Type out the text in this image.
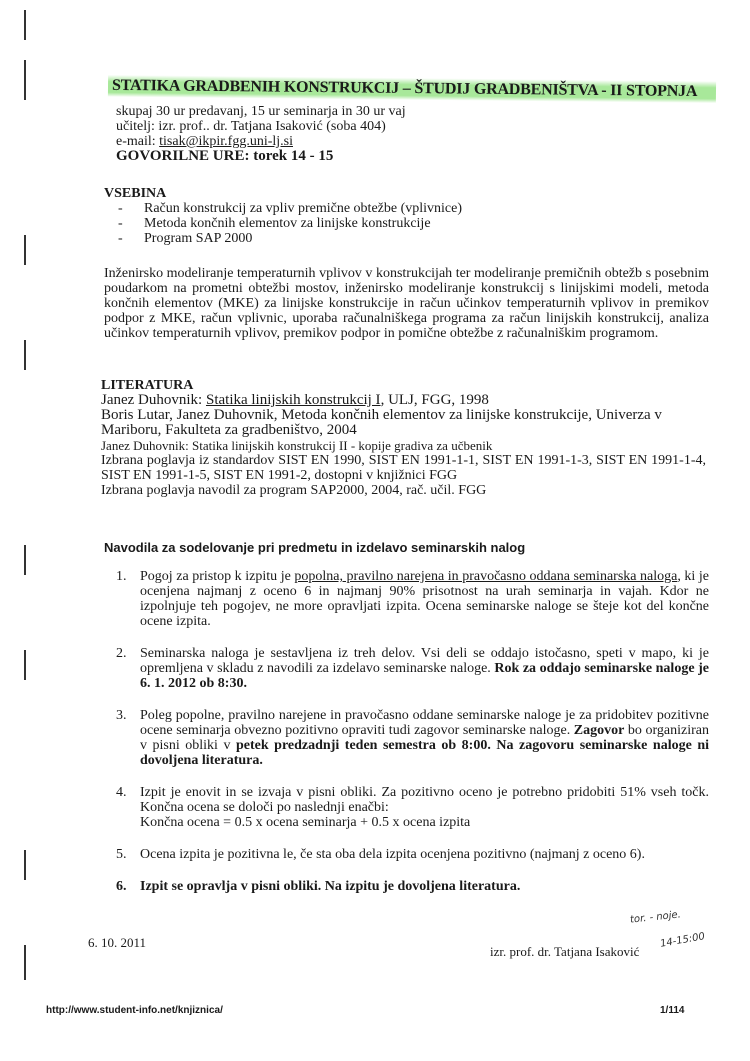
STATIKA GRADBENIH KONSTRUKCIJ – ŠTUDIJ GRADBENIŠTVA - II STOPNJA
skupaj 30 ur predavanj, 15 ur seminarja in 30 ur vaj
učitelj: izr. prof.. dr. Tatjana Isaković (soba 404)
e-mail: tisak@ikpir.fgg.uni-lj.si
GOVORILNE URE: torek 14 - 15

VSEBINA

- Račun konstrukcij za vpliv premične obtežbe (vplivnice)
- Metoda končnih elementov za linijske konstrukcije
- Program SAP 2000

Inženirsko modeliranje temperaturnih vplivov v konstrukcijah ter modeliranje premičnih obtežb s posebnim poudarkom na prometni obtežbi mostov, inženirsko modeliranje konstrukcij s linijskimi modeli, metoda končnih elementov (MKE) za linijske konstrukcije in račun učinkov temperaturnih vplivov in premikov podpor z MKE, račun vplivnic, uporaba računalniškega programa za račun linijskih konstrukcij, analiza učinkov temperaturnih vplivov, premikov podpor in pomične obtežbe z računalniškim programom.

LITERATURA

Janez Duhovnik: Statika linijskih konstrukcij I, ULJ, FGG, 1998
Boris Lutar, Janez Duhovnik, Metoda končnih elementov za linijske konstrukcije, Univerza v Mariboru, Fakulteta za gradbeništvo, 2004
Janez Duhovnik: Statika linijskih konstrukcij II - kopije gradiva za učbenik
Izbrana poglavja iz standardov SIST EN 1990, SIST EN 1991-1-1, SIST EN 1991-1-3, SIST EN 1991-1-4, SIST EN 1991-1-5, SIST EN 1991-2, dostopni v knjižnici FGG
Izbrana poglavja navodil za program SAP2000, 2004, rač. učil. FGG

Navodila za sodelovanje pri predmetu in izdelavo seminarskih nalog

1. Pogoj za pristop k izpitu je popolna, pravilno narejena in pravočasno oddana seminarska naloga, ki je ocenjena najmanj z oceno 6 in najmanj 90% prisotnost na urah seminarja in vajah. Kdor ne izpolnjuje teh pogojev, ne more opravljati izpita. Ocena seminarske naloge se šteje kot del končne ocene izpita.
2. Seminarska naloga je sestavljena iz treh delov. Vsi deli se oddajo istočasno, speti v mapo, ki je opremljena v skladu z navodili za izdelavo seminarske naloge. Rok za oddajo seminarske naloge je 6. 1. 2012 ob 8:30.
3. Poleg popolne, pravilno narejene in pravočasno oddane seminarske naloge je za pridobitev pozitivne ocene seminarja obvezno pozitivno opraviti tudi zagovor seminarske naloge. Zagovor bo organiziran v pisni obliki v petek predzadnji teden semestra ob 8:00. Na zagovoru seminarske naloge ni dovoljena literatura.
4. Izpit je enovit in se izvaja v pisni obliki. Za pozitivno oceno je potrebno pridobiti 51% vseh točk. Končna ocena se določi po naslednji enačbi:
Končna ocena = 0.5 x ocena seminarja + 0.5 x ocena izpita
5. Ocena izpita je pozitivna le, če sta oba dela izpita ocenjena pozitivno (najmanj z oceno 6).
6. Izpit se opravlja v pisni obliki. Na izpitu je dovoljena literatura.
tor. - noje.
14-15:00
6. 10. 2011
izr. prof. dr. Tatjana Isaković
http://www.student-info.net/knjiznica/	1/114
